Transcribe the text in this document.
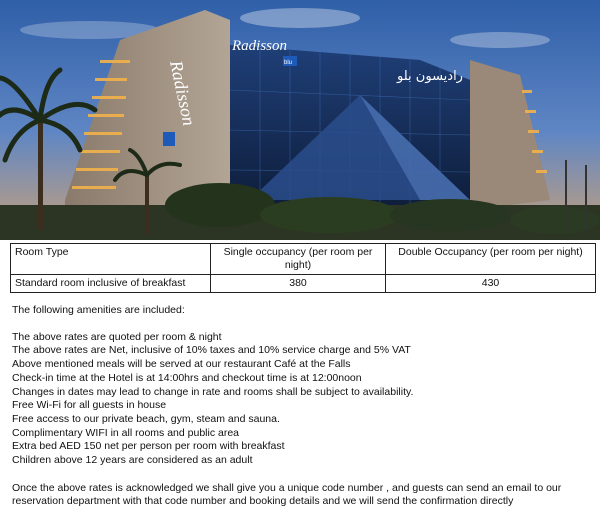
Radisson
Radisson
blu
راديسون بلو
Room Type	Single occupancy (per room per night)	Double Occupancy (per room per night)
Standard room inclusive of breakfast	380	430

The following amenities are included:

The above rates are quoted per room & night

The above rates are Net, inclusive of 10% taxes and 10% service charge and 5% VAT

Above mentioned meals will be served at our restaurant Café at the Falls

Check-in time at the Hotel is at 14:00hrs and checkout time is at 12:00noon

Changes in dates may lead to change in rate and rooms shall be subject to availability.

Free Wi-Fi for all guests in house

Free access to our private beach, gym, steam and sauna.

Complimentary WIFI in all rooms and public area

Extra bed AED 150 net per person per room with breakfast

Children above 12 years are considered as an adult

Once the above rates is acknowledged we shall give you a unique code number , and guests can send an email to our reservation department with that code number and booking details and we will send the confirmation directly
